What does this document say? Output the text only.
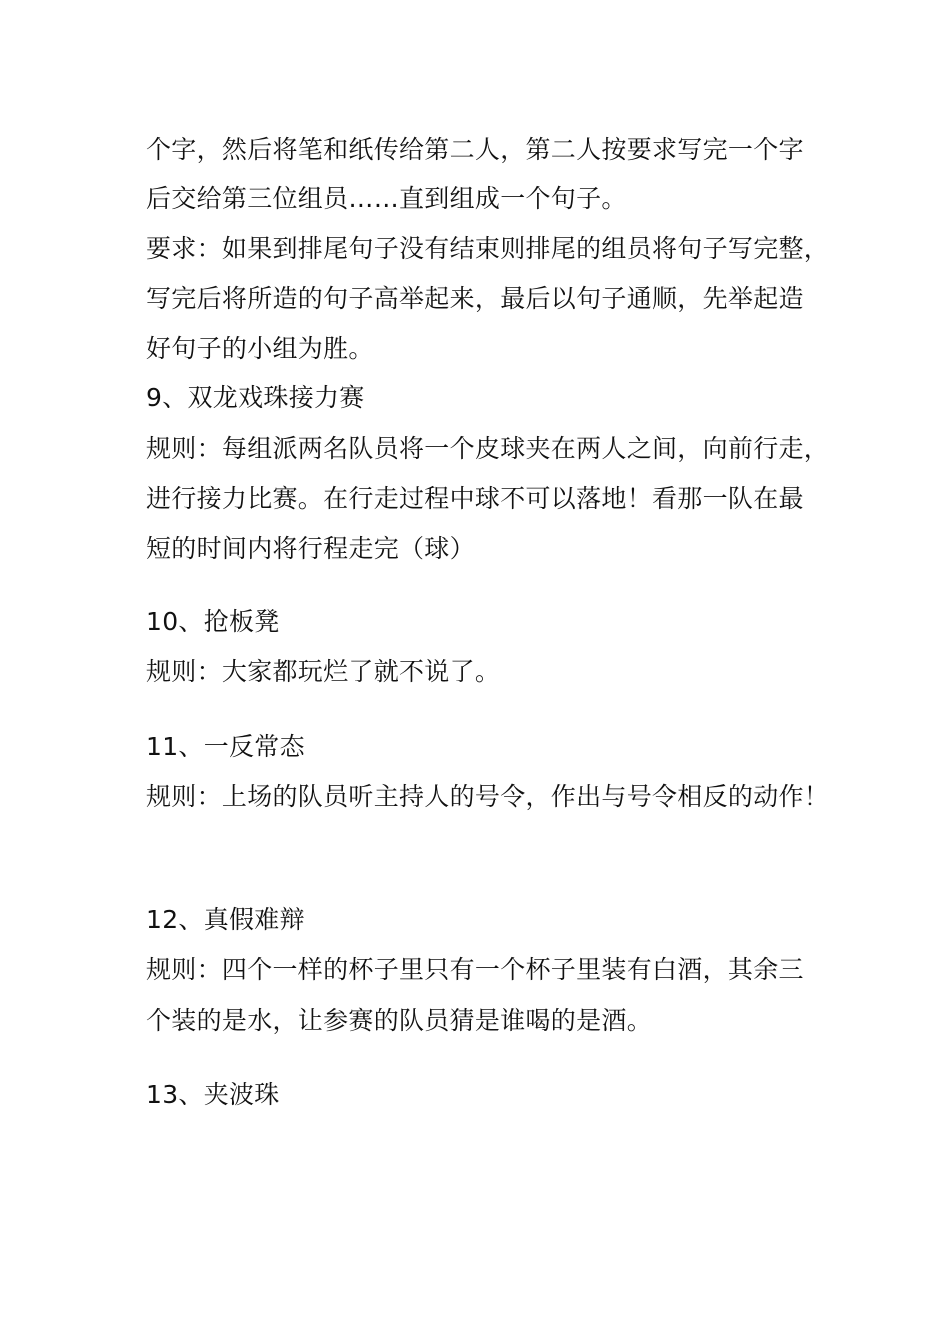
个字，然后将笔和纸传给第二人，第二人按要求写完一个字
后交给第三位组员……直到组成一个句子。
要求：如果到排尾句子没有结束则排尾的组员将句子写完整，
写完后将所造的句子高举起来，最后以句子通顺，先举起造
好句子的小组为胜。
9、双龙戏珠接力赛
规则：每组派两名队员将一个皮球夹在两人之间，向前行走，
进行接力比赛。在行走过程中球不可以落地！看那一队在最
短的时间内将行程走完（球）
10、抢板凳
规则：大家都玩烂了就不说了。
11、一反常态
规则：上场的队员听主持人的号令，作出与号令相反的动作！
12、真假难辩
规则：四个一样的杯子里只有一个杯子里装有白酒，其余三
个装的是水，让参赛的队员猜是谁喝的是酒。
13、夹波珠
